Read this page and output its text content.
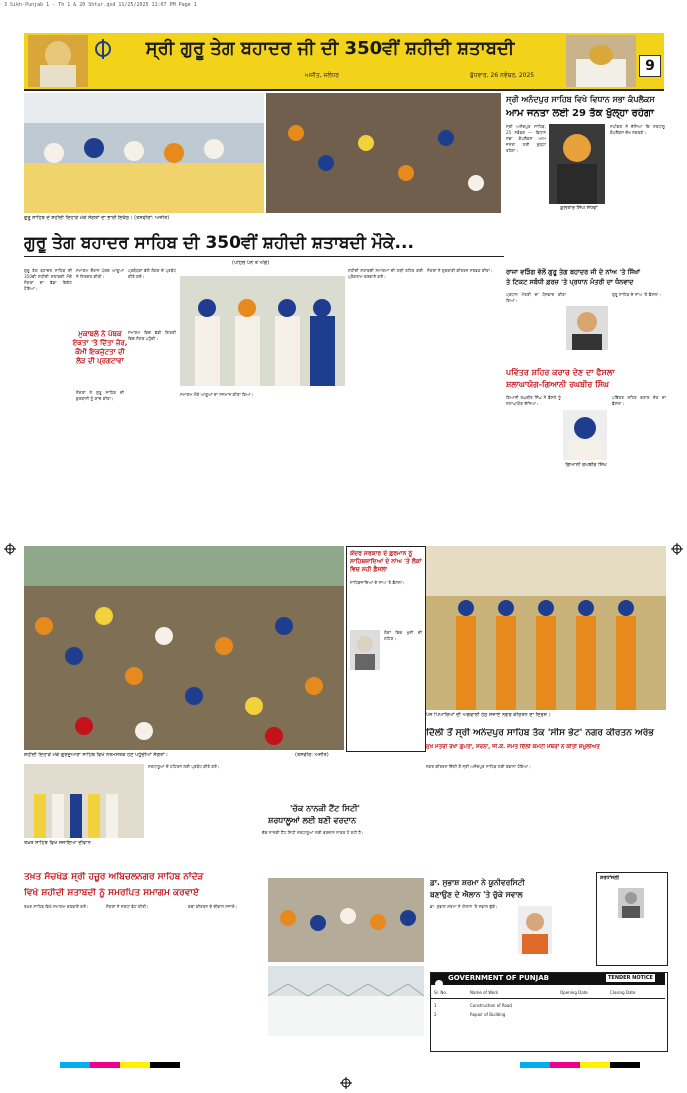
3 Sikh-Punjab 1 - Th 1 & 20 Shtur.qxd 11/25/2025 11:07 PM Page 1
ਸ੍ਰੀ ਗੁਰੂ ਤੇਗ ਬਹਾਦਰ ਜੀ ਦੀ 350ਵੀਂ ਸ਼ਹੀਦੀ ਸ਼ਤਾਬਦੀ
ਅਜੀਤ, ਜਲੰਧਰ	ਬੁੱਧਵਾਰ, 26 ਨਵੰਬਰ, 2025
9
ਗੁਰੂ ਸਾਹਿਬ ਦੇ ਸ਼ਹੀਦੀ ਦਿਹਾੜੇ ਮੌਕੇ ਸੰਗਤਾਂ ਦਾ ਭਾਰੀ ਇਕੱਠ। (ਤਸਵੀਰਾਂ: ਅਜੀਤ)
ਸ੍ਰੀ ਅਨੰਦਪੁਰ ਸਾਹਿਬ ਵਿਖੇ ਵਿਧਾਨ ਸਭਾ ਕੰਪਲੈਕਸ
ਆਮ ਜਨਤਾ ਲਈ 29 ਤੱਕ ਖੁੱਲ੍ਹਾ ਰਹੇਗਾ
ਸ੍ਰੀ ਅਨੰਦਪੁਰ ਸਾਹਿਬ, 25 ਨਵੰਬਰ — ਵਿਧਾਨ ਸਭਾ ਕੰਪਲੈਕਸ ਆਮ ਜਨਤਾ ਲਈ ਖੁੱਲ੍ਹਾ ਰਹੇਗਾ।
ਕੁਲਤਾਰ ਸਿੰਘ ਸੰਧਵਾਂ
ਸਪੀਕਰ ਨੇ ਦੱਸਿਆ ਕਿ ਸ਼ਰਧਾਲੂ ਕੰਪਲੈਕਸ ਦੇਖ ਸਕਣਗੇ।
ਗੁਰੂ ਤੇਗ ਬਹਾਦਰ ਸਾਹਿਬ ਦੀ 350ਵੀਂ ਸ਼ਹੀਦੀ ਸ਼ਤਾਬਦੀ ਮੌਕੇ...
(ਪਹਿਲੇ ਪੰਨੇ ਤੋਂ ਅੱਗੇ)
ਗੁਰੂ ਤੇਗ ਬਹਾਦਰ ਸਾਹਿਬ ਦੀ 350ਵੀਂ ਸ਼ਹੀਦੀ ਸ਼ਤਾਬਦੀ ਮੌਕੇ ਸੰਗਤਾਂ ਦਾ ਵੱਡਾ ਇਕੱਠ ਹੋਇਆ।
ਸਮਾਗਮ ਦੌਰਾਨ ਪੰਥਕ ਆਗੂਆਂ ਨੇ ਸ਼ਿਰਕਤ ਕੀਤੀ।
ਮੁਕਾਬਲੇ ਨੇ ਪੰਥਕ
ਏਕਤਾ 'ਤੇ ਦਿੱਤਾ ਜ਼ੋਰ,
ਕੌਮੀ ਇਕਜੁੱਟਤਾ ਦੀ
ਲੋੜ ਦੀ ਪ੍ਰਗਟਾਵਾ
ਸੰਗਤਾਂ ਨੇ ਗੁਰੂ ਸਾਹਿਬ ਦੀ ਕੁਰਬਾਨੀ ਨੂੰ ਯਾਦ ਕੀਤਾ।
ਪ੍ਰਬੰਧਕਾਂ ਵੱਲੋਂ ਲੰਗਰ ਦੇ ਪ੍ਰਬੰਧ ਕੀਤੇ ਗਏ।
ਸਮਾਗਮ ਵਿਚ ਵੱਡੀ ਗਿਣਤੀ ਵਿਚ ਸੰਗਤ ਪਹੁੰਚੀ।
ਸਮਾਗਮ ਮੌਕੇ ਆਗੂਆਂ ਦਾ ਸਨਮਾਨ ਕੀਤਾ ਗਿਆ।
ਸ਼ਹੀਦੀ ਸ਼ਤਾਬਦੀ ਸਮਾਗਮਾਂ ਦੀ ਲੜੀ ਤਹਿਤ ਕਈ ਪ੍ਰੋਗਰਾਮ ਕਰਵਾਏ ਗਏ।
ਸੰਗਤਾਂ ਨੇ ਗੁਰਬਾਣੀ ਕੀਰਤਨ ਸਰਵਣ ਕੀਤਾ।	ਰਾਜਾ ਵੜਿੰਗ ਵੱਲੋਂ ਗੁਰੂ ਤੇਗ ਬਹਾਦਰ ਜੀ ਦੇ ਨਾਂਅ 'ਤੇ ਸਿੱਖਾਂ
ਤੇ ਟਿਕਟ ਸਬੰਧੀ ਫ਼ਰਜ਼ 'ਤੇ ਪ੍ਰਧਾਨ ਮੰਤਰੀ ਦਾ ਧੰਨਵਾਦ
ਪ੍ਰਧਾਨ ਮੰਤਰੀ ਦਾ ਧੰਨਵਾਦ ਕੀਤਾ ਗਿਆ।
ਗੁਰੂ ਸਾਹਿਬ ਦੇ ਨਾਂਅ 'ਤੇ ਫ਼ੈਸਲਾ।
ਪਵਿੱਤਰ ਸ਼ਹਿਰ ਕਰਾਰ ਦੇਣ ਦਾ ਫੈਸਲਾ
ਸ਼ਲਾਘਾਯੋਗ-ਗਿਆਨੀ ਰਘਬੀਰ ਸਿੰਘ
ਗਿਆਨੀ ਰਘਬੀਰ ਸਿੰਘ ਨੇ ਫ਼ੈਸਲੇ ਨੂੰ ਸ਼ਲਾਘਾਯੋਗ ਦੱਸਿਆ।
ਗਿਆਨੀ ਰਘਬੀਰ ਸਿੰਘ
ਪਵਿੱਤਰ ਸ਼ਹਿਰ ਕਰਾਰ ਦੇਣ ਦਾ ਫ਼ੈਸਲਾ।
ਸ਼ਹੀਦੀ ਦਿਹਾੜੇ ਮੌਕੇ ਗੁਰਦੁਆਰਾ ਸਾਹਿਬ ਵਿਖੇ ਨਤਮਸਤਕ ਹੋਣ ਪਹੁੰਚੀਆਂ ਸੰਗਤਾਂ।	(ਤਸਵੀਰ: ਅਜੀਤ)
ਕੇਂਦਰ ਸਰਕਾਰ ਦੇ ਫ਼ੁਰਮਾਨ ਨੂੰ ਸਾਹਿਬਜ਼ਾਦਿਆਂ ਦੇ ਨਾਂਅ 'ਤੇ ਲੋਕਾਂ ਵਿਚ ਸਹੀ ਫ਼ੈਸਲਾ
ਸਾਹਿਬਜ਼ਾਦਿਆਂ ਦੇ ਨਾਂਅ 'ਤੇ ਫ਼ੈਸਲਾ।
ਲੋਕਾਂ ਵਿਚ ਖੁਸ਼ੀ ਦੀ ਲਹਿਰ।
ਪੰਜ ਪਿਆਰਿਆਂ ਦੀ ਅਗਵਾਈ ਹੇਠ ਸਜਾਏ ਨਗਰ ਕੀਰਤਨ ਦਾ ਦ੍ਰਿਸ਼।
ਦਿੱਲੀ ਤੋਂ ਸ੍ਰੀ ਅਨੰਦਪੁਰ ਸਾਹਿਬ ਤੱਕ 'ਸੀਸ ਭੇਟ' ਨਗਰ ਕੀਰਤਨ ਅਰੰਭ
ਮੁੱਖ ਮੰਤਰੀ ਰੇਖਾ ਗੁਪਤਾ, ਸਰਨਾ, ਜੀ.ਕੇ. ਸਮੇਤ ਦਿੱਲੀ ਕਮੇਟੀ ਮੈਂਬਰਾਂ ਨੇ ਕੀਤੀ ਸ਼ਮੂਲੀਅਤ
ਤਖ਼ਤ ਸਾਹਿਬ ਵਿਖੇ ਸਜਾਇਆ ਦੀਵਾਨ
ਸ਼ਰਧਾਲੂਆਂ ਦੇ ਠਹਿਰਨ ਲਈ ਪ੍ਰਬੰਧ ਕੀਤੇ ਗਏ।
'ਚੱਕ ਨਾਨਕੀ ਟੈਂਟ ਸਿਟੀ'
ਸ਼ਰਧਾਲੂਆਂ ਲਈ ਬਣੀ ਵਰਦਾਨ
ਚੱਕ ਨਾਨਕੀ ਟੈਂਟ ਸਿਟੀ ਸ਼ਰਧਾਲੂਆਂ ਲਈ ਵਰਦਾਨ ਸਾਬਤ ਹੋ ਰਹੀ ਹੈ।
ਨਗਰ ਕੀਰਤਨ ਦਿੱਲੀ ਤੋਂ ਸ੍ਰੀ ਅਨੰਦਪੁਰ ਸਾਹਿਬ ਲਈ ਰਵਾਨਾ ਹੋਇਆ।
ਤਖ਼ਤ ਸੱਚਖੰਡ ਸ੍ਰੀ ਹਜ਼ੂਰ ਅਬਿਚਲਨਗਰ ਸਾਹਿਬ ਨਾਂਦੇੜ
ਵਿਖੇ ਸ਼ਹੀਦੀ ਸ਼ਤਾਬਦੀ ਨੂੰ ਸਮਰਪਿਤ ਸਮਾਗਮ ਕਰਵਾਏ
ਤਖ਼ਤ ਸਾਹਿਬ ਵਿਖੇ ਸਮਾਗਮ ਕਰਵਾਏ ਗਏ।	ਸੰਗਤਾਂ ਨੇ ਸ਼ਰਧਾ ਭੇਟ ਕੀਤੀ।	ਕਥਾ ਕੀਰਤਨ ਦੇ ਦੀਵਾਨ ਸਜਾਏ।
ਡਾ. ਸੁਭਾਸ਼ ਸ਼ਰਮਾ ਨੇ ਯੂਨੀਵਰਸਿਟੀ
ਬਣਾਉਣ ਦੇ ਐਲਾਨ 'ਤੇ ਚੁੱਕੇ ਸਵਾਲ
ਡਾ. ਸੁਭਾਸ਼ ਸ਼ਰਮਾ ਨੇ ਐਲਾਨ 'ਤੇ ਸਵਾਲ ਚੁੱਕੇ।
ਸ਼ਰਧਾਂਜਲੀ
GOVERNMENT OF PUNJAB	TENDER NOTICE
Sr. No.	Name of Work	Opening Date	Closing Date
1	Construction of Road
2	Repair of Building
